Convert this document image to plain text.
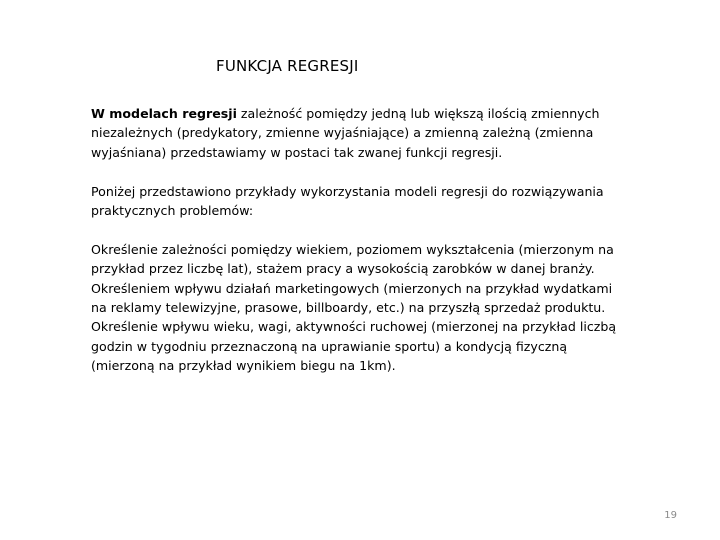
FUNKCJA REGRESJI

W modelach regresji zależność pomiędzy jedną lub większą ilością zmiennych niezależnych (predykatory, zmienne wyjaśniające) a zmienną zależną (zmienna wyjaśniana) przedstawiamy w postaci tak zwanej funkcji regresji.

Poniżej przedstawiono przykłady wykorzystania modeli regresji do rozwiązywania praktycznych problemów:

Określenie zależności pomiędzy wiekiem, poziomem wykształcenia (mierzonym na przykład przez liczbę lat), stażem pracy a wysokością zarobków w danej branży.

Określeniem wpływu działań marketingowych (mierzonych na przykład wydatkami na reklamy telewizyjne, prasowe, billboardy, etc.) na przyszłą sprzedaż produktu.

Określenie wpływu wieku, wagi, aktywności ruchowej (mierzonej na przykład liczbą godzin w tygodniu przeznaczoną na uprawianie sportu) a kondycją fizyczną (mierzoną na przykład wynikiem biegu na 1km).

19
